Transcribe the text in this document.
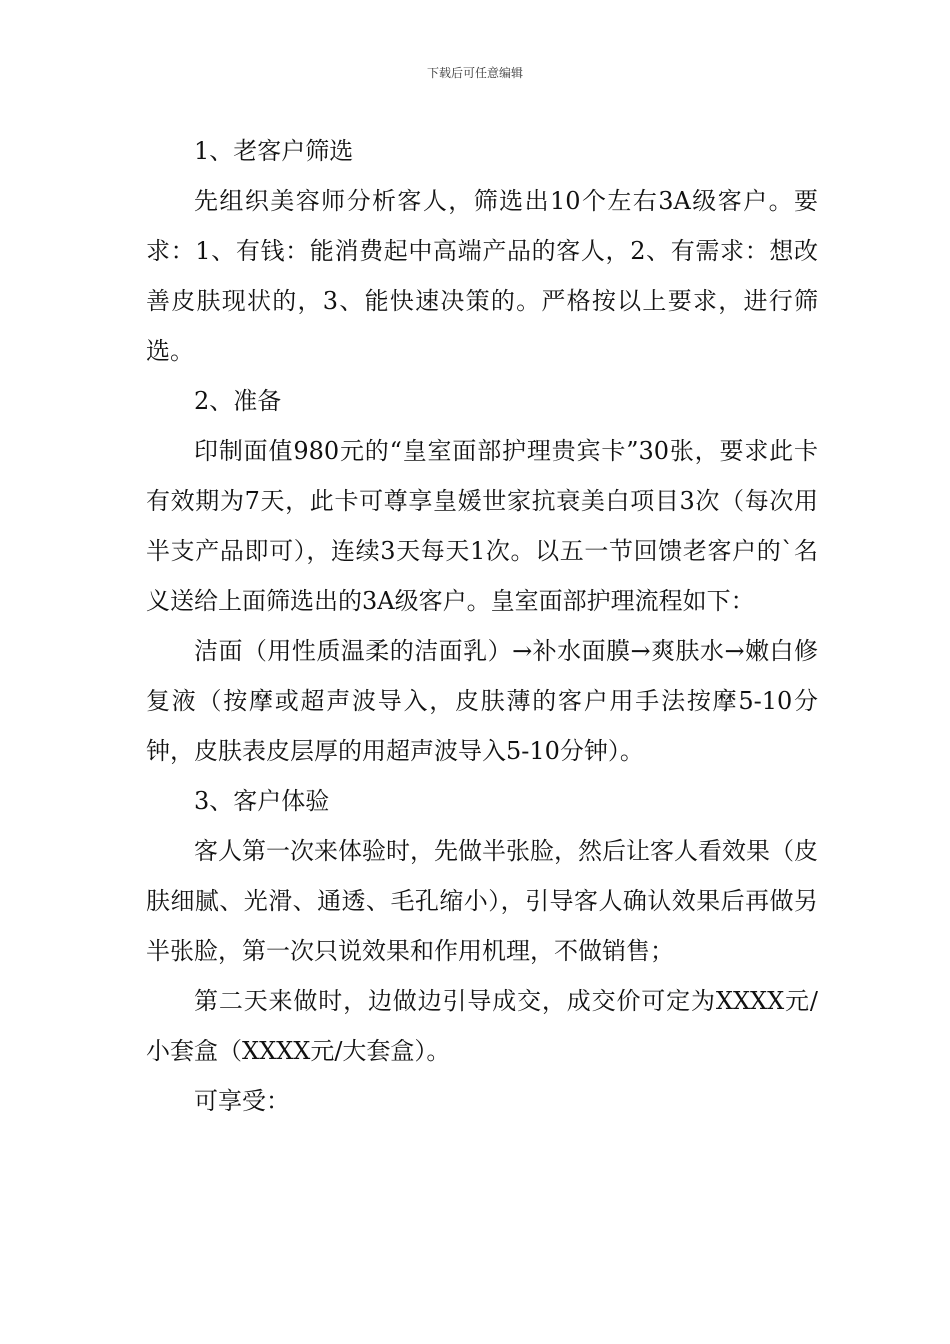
下载后可任意编辑

1、老客户筛选

先组织美容师分析客人，筛选出10个左右3A级客户。要求：1、有钱：能消费起中高端产品的客人，2、有需求：想改善皮肤现状的，3、能快速决策的。严格按以上要求，进行筛选。

2、准备

印制面值980元的“皇室面部护理贵宾卡”30张，要求此卡有效期为7天，此卡可尊享皇媛世家抗衰美白项目3次（每次用半支产品即可），连续3天每天1次。以五一节回馈老客户的`名义送给上面筛选出的3A级客户。皇室面部护理流程如下：

洁面（用性质温柔的洁面乳）→补水面膜→爽肤水→嫩白修复液（按摩或超声波导入，皮肤薄的客户用手法按摩5-10分钟，皮肤表皮层厚的用超声波导入5-10分钟）。

3、客户体验

客人第一次来体验时，先做半张脸，然后让客人看效果（皮肤细腻、光滑、通透、毛孔缩小），引导客人确认效果后再做另半张脸，第一次只说效果和作用机理，不做销售；

第二天来做时，边做边引导成交，成交价可定为XXXX元/小套盒（XXXX元/大套盒）。

可享受：
